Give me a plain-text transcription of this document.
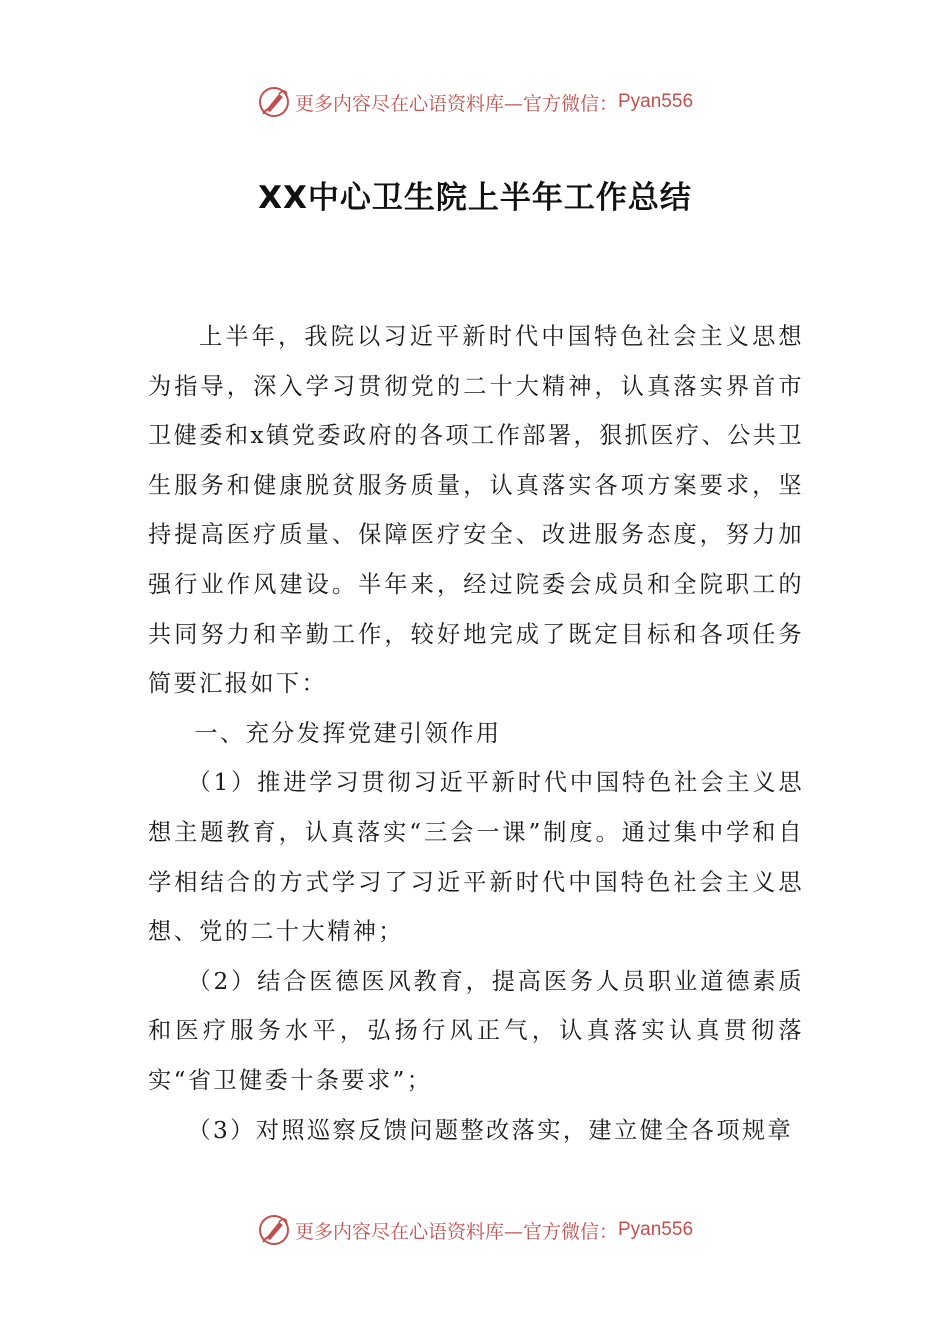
更多内容尽在心语资料库—官方微信： Pyan556
XX中心卫生院上半年工作总结

上半年，我院以习近平新时代中国特色社会主义思想为指导，深入学习贯彻党的二十大精神，认真落实界首市卫健委和x镇党委政府的各项工作部署，狠抓医疗、公共卫生服务和健康脱贫服务质量，认真落实各项方案要求，坚持提高医疗质量、保障医疗安全、改进服务态度，努力加强行业作风建设。半年来，经过院委会成员和全院职工的共同努力和辛勤工作，较好地完成了既定目标和各项任务简要汇报如下：

一、充分发挥党建引领作用

（1）推进学习贯彻习近平新时代中国特色社会主义思想主题教育，认真落实“三会一课”制度。通过集中学和自学相结合的方式学习了习近平新时代中国特色社会主义思想、党的二十大精神；

（2）结合医德医风教育，提高医务人员职业道德素质和医疗服务水平，弘扬行风正气，认真落实认真贯彻落实“省卫健委十条要求”；

（3）对照巡察反馈问题整改落实，建立健全各项规章

更多内容尽在心语资料库—官方微信： Pyan556
